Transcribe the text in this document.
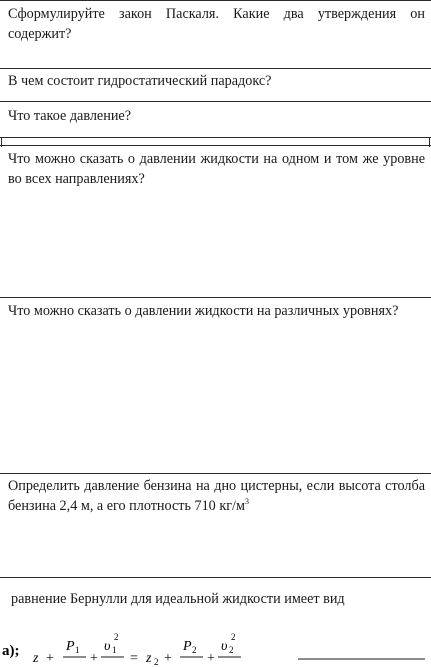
Сформулируйте закон Паскаля. Какие два утверждения он содержит?
В чем состоит гидростатический парадокс?
Что такое давление?
Что можно сказать о давлении жидкости на одном и том же уровне во всех направлениях?
Что можно сказать о давлении жидкости на различных уровнях?
Определить давление бензина на дно цистерны, если высота столба бензина 2,4 м, а его плотность 710 $кг/м^3$
равнение Бернулли для идеальной жидкости имеет вид
а); z +
P 1
+
υ 1
2
= z 2 +
P 2
+
υ 2
2
